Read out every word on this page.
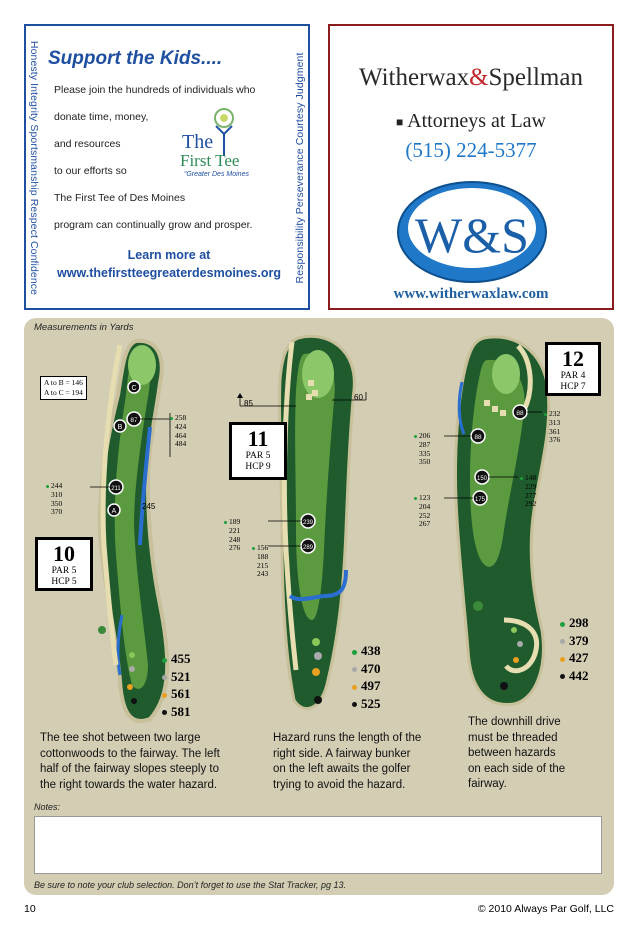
Honesty Integrity Sportsmanship Respect Confidence	Responsibility Perseverance Courtesy Judgment
Support the Kids....
Please join the hundreds of individuals who
donate time, money,
and resources
to our efforts so
The First Tee of Des Moines
program can continually grow and prosper.
The
First Tee
“Greater Des Moines
Learn more at
www.thefirstteegreaterdesmoines.org
Witherwax&Spellman
■ Attorneys at Law
(515) 224-5377
W&S
www.witherwaxlaw.com
Measurements in Yards
C
B
87
211
A
245
A to B = 146
A to C = 194
258
424
464
484
244
310
350
370
10
PAR 5
HCP 5
455
521
561
581
The tee shot between two large
cottonwoods to the fairway. The left
half of the fairway slopes steeply to
the right towards the water hazard.
239
289
85
60
11
PAR 5
HCP 9
189
221
248
276	156
188
215
243
438
470
497
525
Hazard runs the length of the
right side. A fairway bunker
on the left awaits the golfer
trying to avoid the hazard.
88
88
150
175
12
PAR 4
HCP 7
232
313
361
376
206
287
335
350
148
229
277
292
123
204
252
267
298
379
427
442
The downhill drive
must be threaded
between hazards
on each side of the
fairway.
Notes:
Be sure to note your club selection. Don’t forget to use the Stat Tracker, pg 13.
10	© 2010 Always Par Golf, LLC
